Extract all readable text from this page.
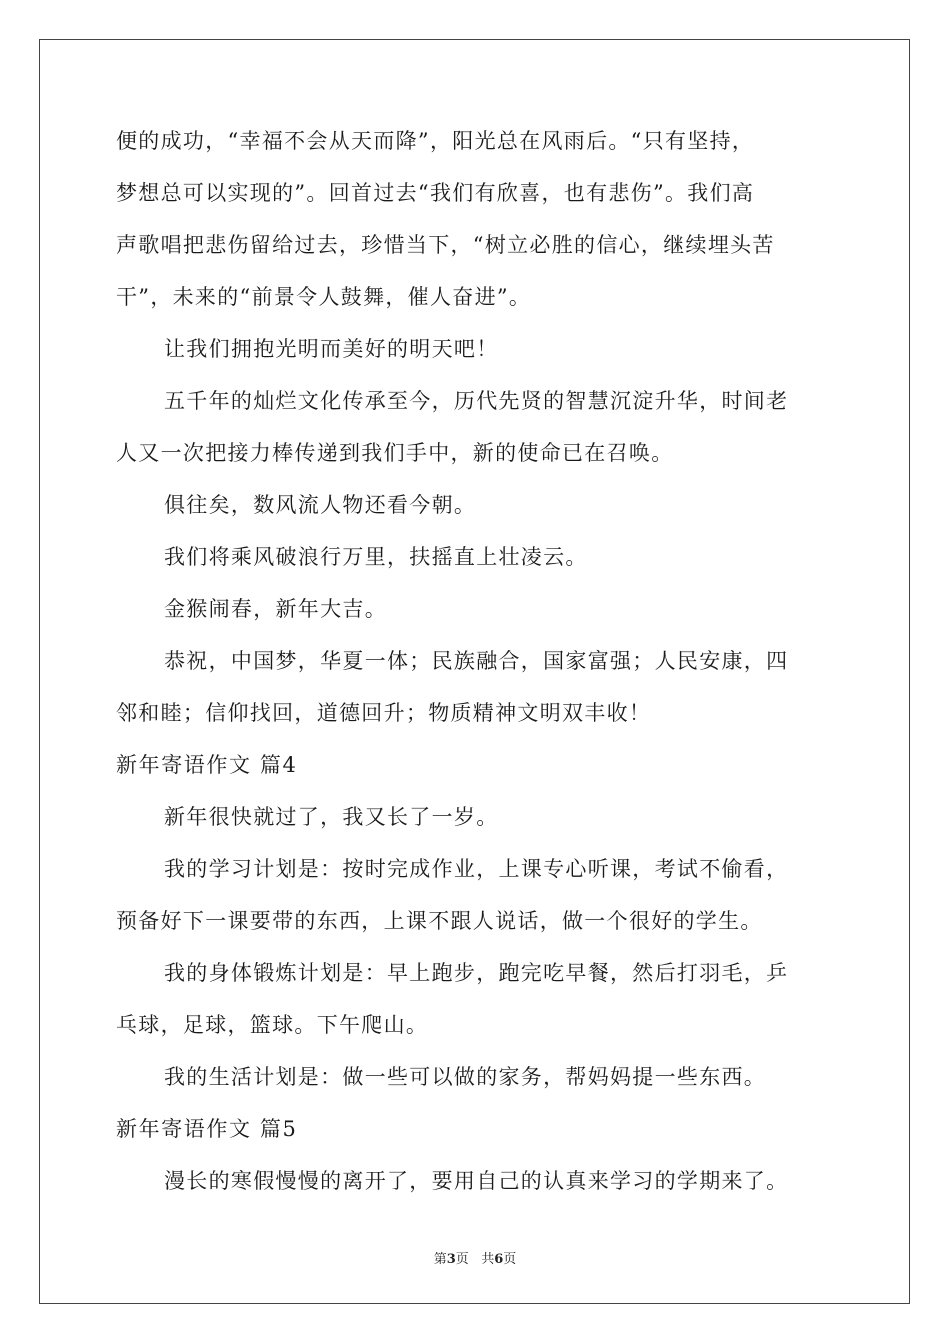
便的成功，“幸福不会从天而降”，阳光总在风雨后。“只有坚持，
梦想总可以实现的”。回首过去“我们有欣喜，也有悲伤”。我们高
声歌唱把悲伤留给过去，珍惜当下，“树立必胜的信心，继续埋头苦
干”，未来的“前景令人鼓舞，催人奋进”。
让我们拥抱光明而美好的明天吧！
五千年的灿烂文化传承至今，历代先贤的智慧沉淀升华，时间老
人又一次把接力棒传递到我们手中，新的使命已在召唤。
俱往矣，数风流人物还看今朝。
我们将乘风破浪行万里，扶摇直上壮凌云。
金猴闹春，新年大吉。
恭祝，中国梦，华夏一体；民族融合，国家富强；人民安康，四
邻和睦；信仰找回，道德回升；物质精神文明双丰收！
新年寄语作文 篇4
新年很快就过了，我又长了一岁。
我的学习计划是：按时完成作业，上课专心听课，考试不偷看，
预备好下一课要带的东西，上课不跟人说话，做一个很好的学生。
我的身体锻炼计划是：早上跑步，跑完吃早餐，然后打羽毛，乒
乓球，足球，篮球。下午爬山。
我的生活计划是：做一些可以做的家务，帮妈妈提一些东西。
新年寄语作文 篇5
漫长的寒假慢慢的离开了，要用自己的认真来学习的学期来了。
第3页 共6页
